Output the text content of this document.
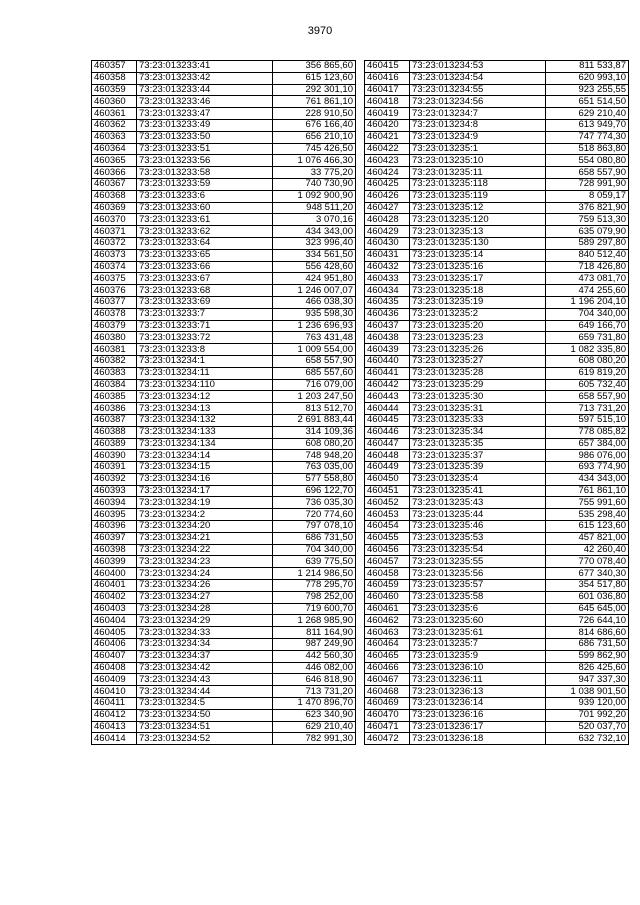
3970
460357	73:23:013233:41	356 865,60
460358	73:23:013233:42	615 123,60
460359	73:23:013233:44	292 301,10
460360	73:23:013233:46	761 861,10
460361	73:23:013233:47	228 910,50
460362	73:23:013233:49	676 166,40
460363	73:23:013233:50	656 210,10
460364	73:23:013233:51	745 426,50
460365	73:23:013233:56	1 076 466,30
460366	73:23:013233:58	33 775,20
460367	73:23:013233:59	740 730,90
460368	73:23:013233:6	1 092 900,90
460369	73:23:013233:60	948 511,20
460370	73:23:013233:61	3 070,16
460371	73:23:013233:62	434 343,00
460372	73:23:013233:64	323 996,40
460373	73:23:013233:65	334 561,50
460374	73:23:013233:66	556 428,60
460375	73:23:013233:67	424 951,80
460376	73:23:013233:68	1 246 007,07
460377	73:23:013233:69	466 038,30
460378	73:23:013233:7	935 598,30
460379	73:23:013233:71	1 236 696,93
460380	73:23:013233:72	763 431,48
460381	73:23:013233:8	1 009 554,00
460382	73:23:013234:1	658 557,90
460383	73:23:013234:11	685 557,60
460384	73:23:013234:110	716 079,00
460385	73:23:013234:12	1 203 247,50
460386	73:23:013234:13	813 512,70
460387	73:23:013234:132	2 691 883,44
460388	73:23:013234:133	314 109,36
460389	73:23:013234:134	608 080,20
460390	73:23:013234:14	748 948,20
460391	73:23:013234:15	763 035,00
460392	73:23:013234:16	577 558,80
460393	73:23:013234:17	696 122,70
460394	73:23:013234:19	736 035,30
460395	73:23:013234:2	720 774,60
460396	73:23:013234:20	797 078,10
460397	73:23:013234:21	686 731,50
460398	73:23:013234:22	704 340,00
460399	73:23:013234:23	639 775,50
460400	73:23:013234:24	1 214 986,50
460401	73:23:013234:26	778 295,70
460402	73:23:013234:27	798 252,00
460403	73:23:013234:28	719 600,70
460404	73:23:013234:29	1 268 985,90
460405	73:23:013234:33	811 164,90
460406	73:23:013234:34	987 249,90
460407	73:23:013234:37	442 560,30
460408	73:23:013234:42	446 082,00
460409	73:23:013234:43	646 818,90
460410	73:23:013234:44	713 731,20
460411	73:23:013234:5	1 470 896,70
460412	73:23:013234:50	623 340,90
460413	73:23:013234:51	629 210,40
460414	73:23:013234:52	782 991,30
460415	73:23:013234:53	811 533,87
460416	73:23:013234:54	620 993,10
460417	73:23:013234:55	923 255,55
460418	73:23:013234:56	651 514,50
460419	73:23:013234:7	629 210,40
460420	73:23:013234:8	613 949,70
460421	73:23:013234:9	747 774,30
460422	73:23:013235:1	518 863,80
460423	73:23:013235:10	554 080,80
460424	73:23:013235:11	658 557,90
460425	73:23:013235:118	728 991,90
460426	73:23:013235:119	8 059,17
460427	73:23:013235:12	376 821,90
460428	73:23:013235:120	759 513,30
460429	73:23:013235:13	635 079,90
460430	73:23:013235:130	589 297,80
460431	73:23:013235:14	840 512,40
460432	73:23:013235:16	718 426,80
460433	73:23:013235:17	473 081,70
460434	73:23:013235:18	474 255,60
460435	73:23:013235:19	1 196 204,10
460436	73:23:013235:2	704 340,00
460437	73:23:013235:20	649 166,70
460438	73:23:013235:23	659 731,80
460439	73:23:013235:26	1 082 335,80
460440	73:23:013235:27	608 080,20
460441	73:23:013235:28	619 819,20
460442	73:23:013235:29	605 732,40
460443	73:23:013235:30	658 557,90
460444	73:23:013235:31	713 731,20
460445	73:23:013235:33	597 515,10
460446	73:23:013235:34	778 085,82
460447	73:23:013235:35	657 384,00
460448	73:23:013235:37	986 076,00
460449	73:23:013235:39	693 774,90
460450	73:23:013235:4	434 343,00
460451	73:23:013235:41	761 861,10
460452	73:23:013235:43	755 991,60
460453	73:23:013235:44	535 298,40
460454	73:23:013235:46	615 123,60
460455	73:23:013235:53	457 821,00
460456	73:23:013235:54	42 260,40
460457	73:23:013235:55	770 078,40
460458	73:23:013235:56	677 340,30
460459	73:23:013235:57	354 517,80
460460	73:23:013235:58	601 036,80
460461	73:23:013235:6	645 645,00
460462	73:23:013235:60	726 644,10
460463	73:23:013235:61	814 686,60
460464	73:23:013235:7	686 731,50
460465	73:23:013235:9	599 862,90
460466	73:23:013236:10	826 425,60
460467	73:23:013236:11	947 337,30
460468	73:23:013236:13	1 038 901,50
460469	73:23:013236:14	939 120,00
460470	73:23:013236:16	701 992,20
460471	73:23:013236:17	520 037,70
460472	73:23:013236:18	632 732,10
